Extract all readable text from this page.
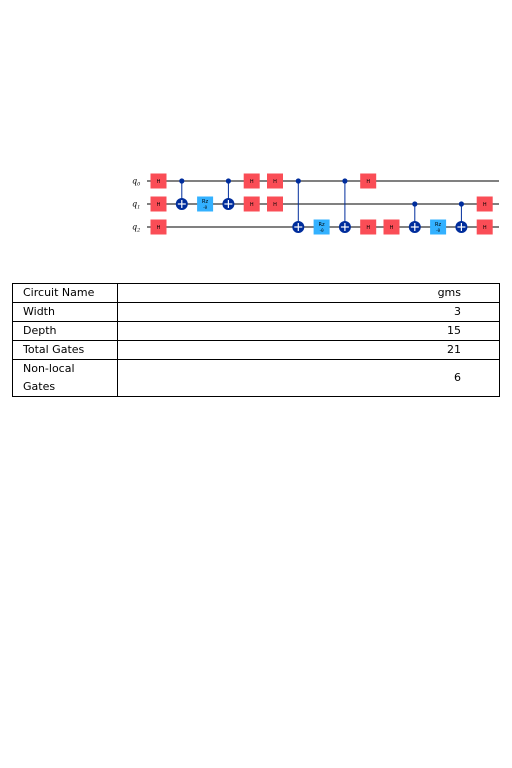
$q_0$
$q_1$
$q_2$
H
H
H
Rz
-θ
H
H
H
H
Rz
-θ
H
H	H	Rz
-θ
H
H
Circuit Name	gms
Width	3
Depth	15
Total Gates	21
Non-local Gates	6
